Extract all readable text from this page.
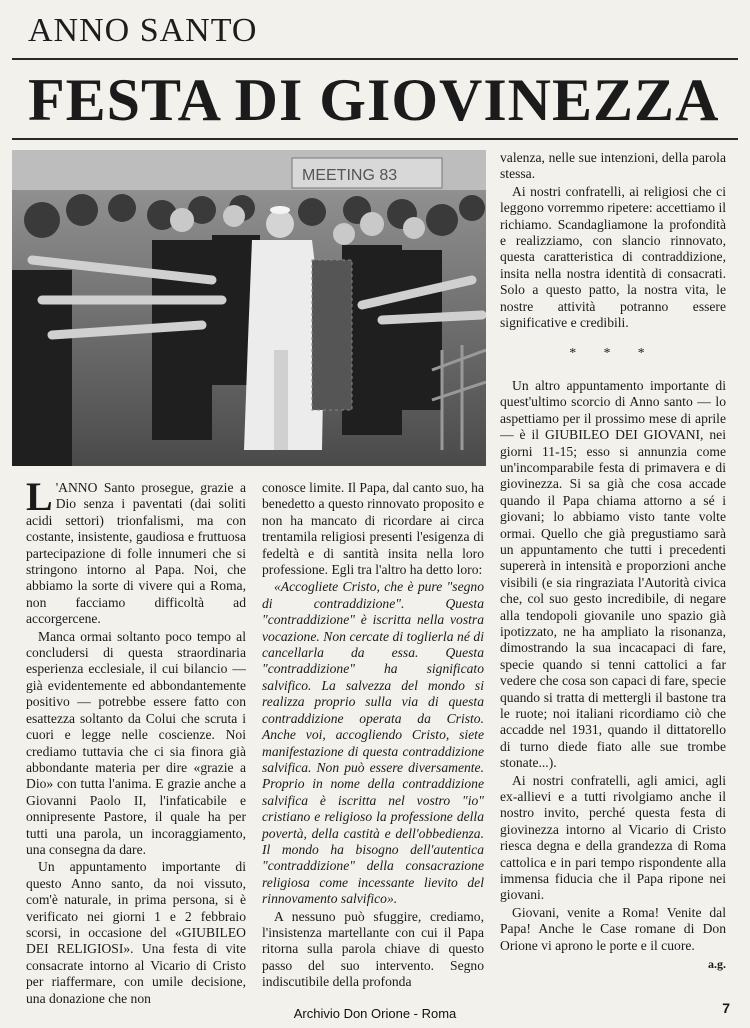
ANNO SANTO
FESTA DI GIOVINEZZA
MEETING 83

L 'ANNO Santo prosegue, grazie a Dio senza i paventati (dai soliti acidi settori) trionfalismi, ma con costante, insistente, gaudiosa e fruttuosa partecipazione di folle innumeri che si stringono intorno al Papa. Noi, che abbiamo la sorte di vivere qui a Roma, non facciamo difficoltà ad accorgercene.

Manca ormai soltanto poco tempo al concludersi di questa straordinaria esperienza ecclesiale, il cui bilancio — già evidentemente ed abbondantemente positivo — potrebbe essere fatto con esattezza soltanto da Colui che scruta i cuori e legge nelle coscienze. Noi crediamo tuttavia che ci sia finora già abbondante materia per dire «grazie a Dio» con tutta l'anima. E grazie anche a Giovanni Paolo II, l'infaticabile e onnipresente Pastore, il quale ha per tutti una parola, un incoraggiamento, una consegna da dare.

Un appuntamento importante di questo Anno santo, da noi vissuto, com'è naturale, in prima persona, si è verificato nei giorni 1 e 2 febbraio scorsi, in occasione del «GIUBILEO DEI RELIGIOSI». Una festa di vite consacrate intorno al Vicario di Cristo per riaffermare, con umile decisione, una donazione che non

conosce limite. Il Papa, dal canto suo, ha benedetto a questo rinnovato proposito e non ha mancato di ricordare ai circa trentamila religiosi presenti l'esigenza di fedeltà e di santità insita nella loro professione. Egli tra l'altro ha detto loro:

«Accogliete Cristo, che è pure "segno di contraddizione". Questa "contraddizione" è iscritta nella vostra vocazione. Non cercate di toglierla né di cancellarla da essa. Questa "contraddizione" ha significato salvifico. La salvezza del mondo si realizza proprio sulla via di questa contraddizione operata da Cristo. Anche voi, accogliendo Cristo, siete manifestazione di questa contraddizione salvifica. Non può essere diversamente. Proprio in nome della contraddizione salvifica è iscritta nel vostro "io" cristiano e religioso la professione della povertà, della castità e dell'obbedienza. Il mondo ha bisogno dell'autentica "contraddizione" della consacrazione religiosa come incessante lievito del rinnovamento salvifico».

A nessuno può sfuggire, crediamo, l'insistenza martellante con cui il Papa ritorna sulla parola chiave di questo passo del suo intervento. Segno indiscutibile della profonda

valenza, nelle sue intenzioni, della parola stessa.

Ai nostri confratelli, ai religiosi che ci leggono vorremmo ripetere: accettiamo il richiamo. Scandagliamone la profondità e realizziamo, con slancio rinnovato, questa caratteristica di contraddizione, insita nella nostra identità di consacrati. Solo a questo patto, la nostra vita, le nostre attività potranno essere significative e credibili.

* * *

Un altro appuntamento importante di quest'ultimo scorcio di Anno santo — lo aspettiamo per il prossimo mese di aprile — è il GIUBILEO DEI GIOVANI, nei giorni 11-15; esso si annunzia come un'incomparabile festa di primavera e di giovinezza. Si sa già che cosa accade quando il Papa chiama attorno a sé i giovani; lo abbiamo visto tante volte ormai. Quello che già pregustiamo sarà un appuntamento che tutti i precedenti supererà in intensità e proporzioni anche visibili (e sia ringraziata l'Autorità civica che, col suo gesto incredibile, di negare alla tendopoli giovanile uno spazio già ipotizzato, ne ha ampliato la risonanza, dimostrando la sua incacapaci di fare, specie quando si tenni cattolici a far vedere che cosa son capaci di fare, specie quando si tratta di mettergli il bastone tra le ruote; noi italiani ricordiamo ciò che accadde nel 1931, quando il dittatorello di turno diede fiato alle sue trombe stonate...).

Ai nostri confratelli, agli amici, agli ex-allievi e a tutti rivolgiamo anche il nostro invito, perché questa festa di giovinezza intorno al Vicario di Cristo riesca degna e della grandezza di Roma cattolica e in pari tempo rispondente alla immensa fiducia che il Papa ripone nei giovani.

Giovani, venite a Roma! Venite dal Papa! Anche le Case romane di Don Orione vi aprono le porte e il cuore.

a.g.
Archivio Don Orione - Roma	7
